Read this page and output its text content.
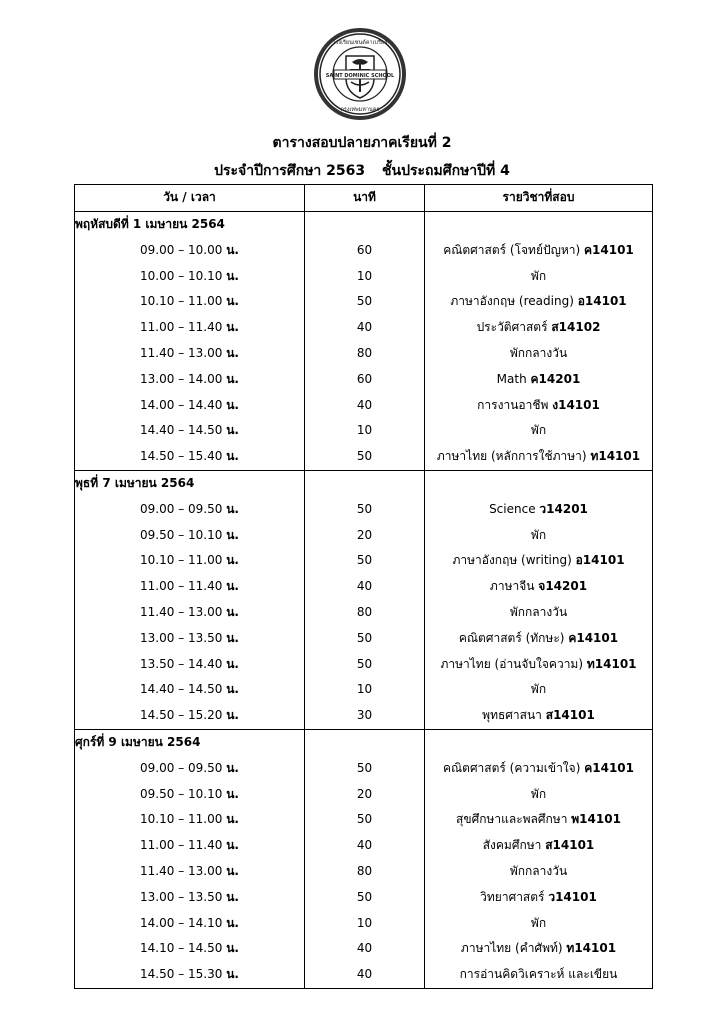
โรงเรียนเซนต์คาเบรียล
SAINT DOMINIC SCHOOL
กรุงเทพมหานคร
ตารางสอบปลายภาคเรียนที่ 2
ประจำปีการศึกษา 2563 ชั้นประถมศึกษาปีที่ 4
วัน / เวลา	นาที	รายวิชาที่สอบ
พฤหัสบดีที่ 1 เมษายน 2564		
09.00 – 10.00 น.	60	คณิตศาสตร์ (โจทย์ปัญหา) ค14101
10.00 – 10.10 น.	10	พัก
10.10 – 11.00 น.	50	ภาษาอังกฤษ (reading) อ14101
11.00 – 11.40 น.	40	ประวัติศาสตร์ ส14102
11.40 – 13.00 น.	80	พักกลางวัน
13.00 – 14.00 น.	60	Math ค14201
14.00 – 14.40 น.	40	การงานอาชีพ ง14101
14.40 – 14.50 น.	10	พัก
14.50 – 15.40 น.	50	ภาษาไทย (หลักการใช้ภาษา) ท14101
พุธที่ 7 เมษายน 2564		
09.00 – 09.50 น.	50	Science ว14201
09.50 – 10.10 น.	20	พัก
10.10 – 11.00 น.	50	ภาษาอังกฤษ (writing) อ14101
11.00 – 11.40 น.	40	ภาษาจีน จ14201
11.40 – 13.00 น.	80	พักกลางวัน
13.00 – 13.50 น.	50	คณิตศาสตร์ (ทักษะ) ค14101
13.50 – 14.40 น.	50	ภาษาไทย (อ่านจับใจความ) ท14101
14.40 – 14.50 น.	10	พัก
14.50 – 15.20 น.	30	พุทธศาสนา ส14101
ศุกร์ที่ 9 เมษายน 2564		
09.00 – 09.50 น.	50	คณิตศาสตร์ (ความเข้าใจ) ค14101
09.50 – 10.10 น.	20	พัก
10.10 – 11.00 น.	50	สุขศึกษาและพลศึกษา พ14101
11.00 – 11.40 น.	40	สังคมศึกษา ส14101
11.40 – 13.00 น.	80	พักกลางวัน
13.00 – 13.50 น.	50	วิทยาศาสตร์ ว14101
14.00 – 14.10 น.	10	พัก
14.10 – 14.50 น.	40	ภาษาไทย (คำศัพท์) ท14101
14.50 – 15.30 น.	40	การอ่านคิดวิเคราะห์ และเขียน
